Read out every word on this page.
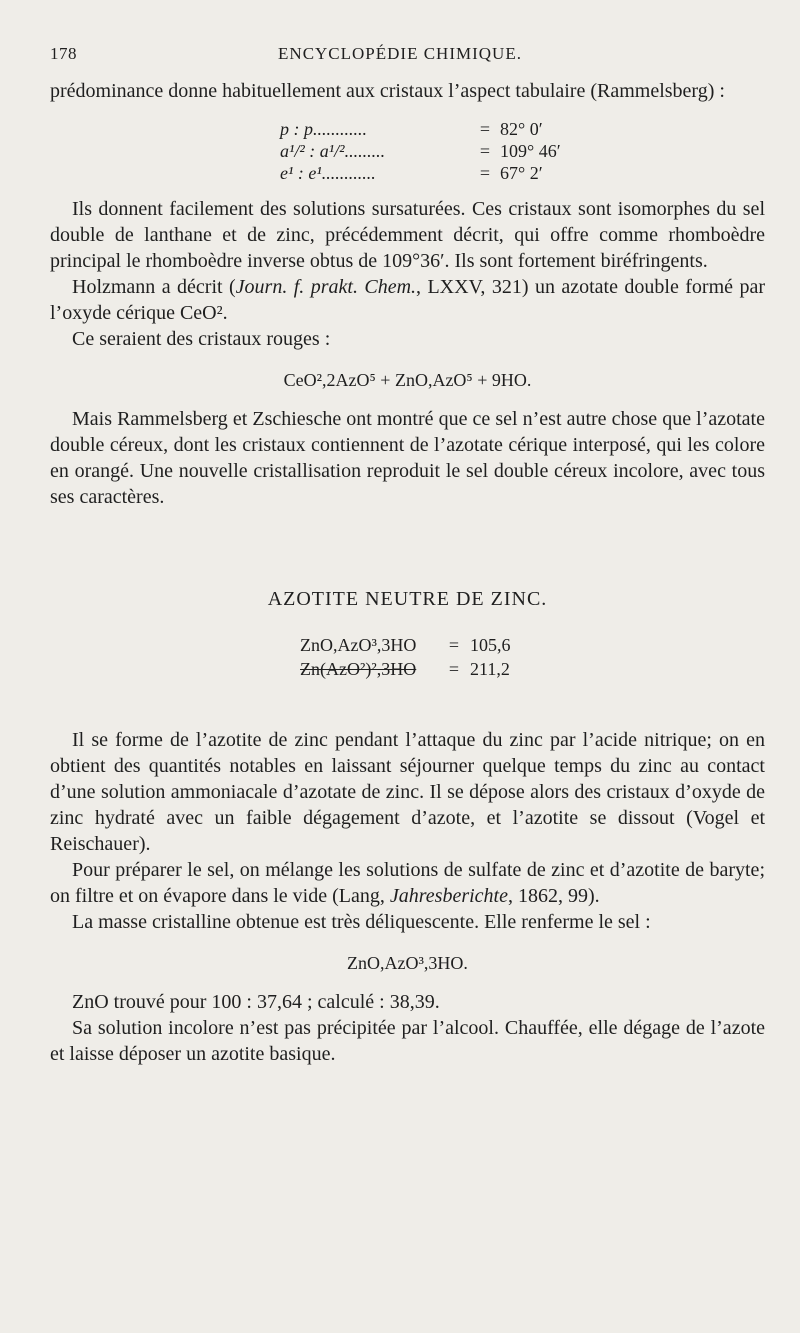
178	ENCYCLOPÉDIE CHIMIQUE.

prédominance donne habituellement aux cristaux l’aspect tabulaire (Rammelsberg) :

p : p............	= 82° 0′
a¹/² : a¹/².........	= 109° 46′
e¹ : e¹............	= 67° 2′

Ils donnent facilement des solutions sursaturées. Ces cristaux sont isomorphes du sel double de lanthane et de zinc, précédemment décrit, qui offre comme rhomboèdre principal le rhomboèdre inverse obtus de 109°36′. Ils sont fortement biréfringents.

Holzmann a décrit (Journ. f. prakt. Chem., LXXV, 321) un azotate double formé par l’oxyde cérique CeO².

Ce seraient des cristaux rouges :

CeO²,2AzO⁵ + ZnO,AzO⁵ + 9HO.

Mais Rammelsberg et Zschiesche ont montré que ce sel n’est autre chose que l’azotate double céreux, dont les cristaux contiennent de l’azotate cérique interposé, qui les colore en orangé. Une nouvelle cristallisation reproduit le sel double céreux incolore, avec tous ses caractères.

AZOTITE NEUTRE DE ZINC.
ZnO,AzO³,3HO = 105,6
Zn(AzO²)²,3HO = 211,2

Il se forme de l’azotite de zinc pendant l’attaque du zinc par l’acide nitrique; on en obtient des quantités notables en laissant séjourner quelque temps du zinc au contact d’une solution ammoniacale d’azotate de zinc. Il se dépose alors des cristaux d’oxyde de zinc hydraté avec un faible dégagement d’azote, et l’azotite se dissout (Vogel et Reischauer).

Pour préparer le sel, on mélange les solutions de sulfate de zinc et d’azotite de baryte; on filtre et on évapore dans le vide (Lang, Jahresberichte, 1862, 99).

La masse cristalline obtenue est très déliquescente. Elle renferme le sel :

ZnO,AzO³,3HO.

ZnO trouvé pour 100 : 37,64 ; calculé : 38,39.

Sa solution incolore n’est pas précipitée par l’alcool. Chauffée, elle dégage de l’azote et laisse déposer un azotite basique.
